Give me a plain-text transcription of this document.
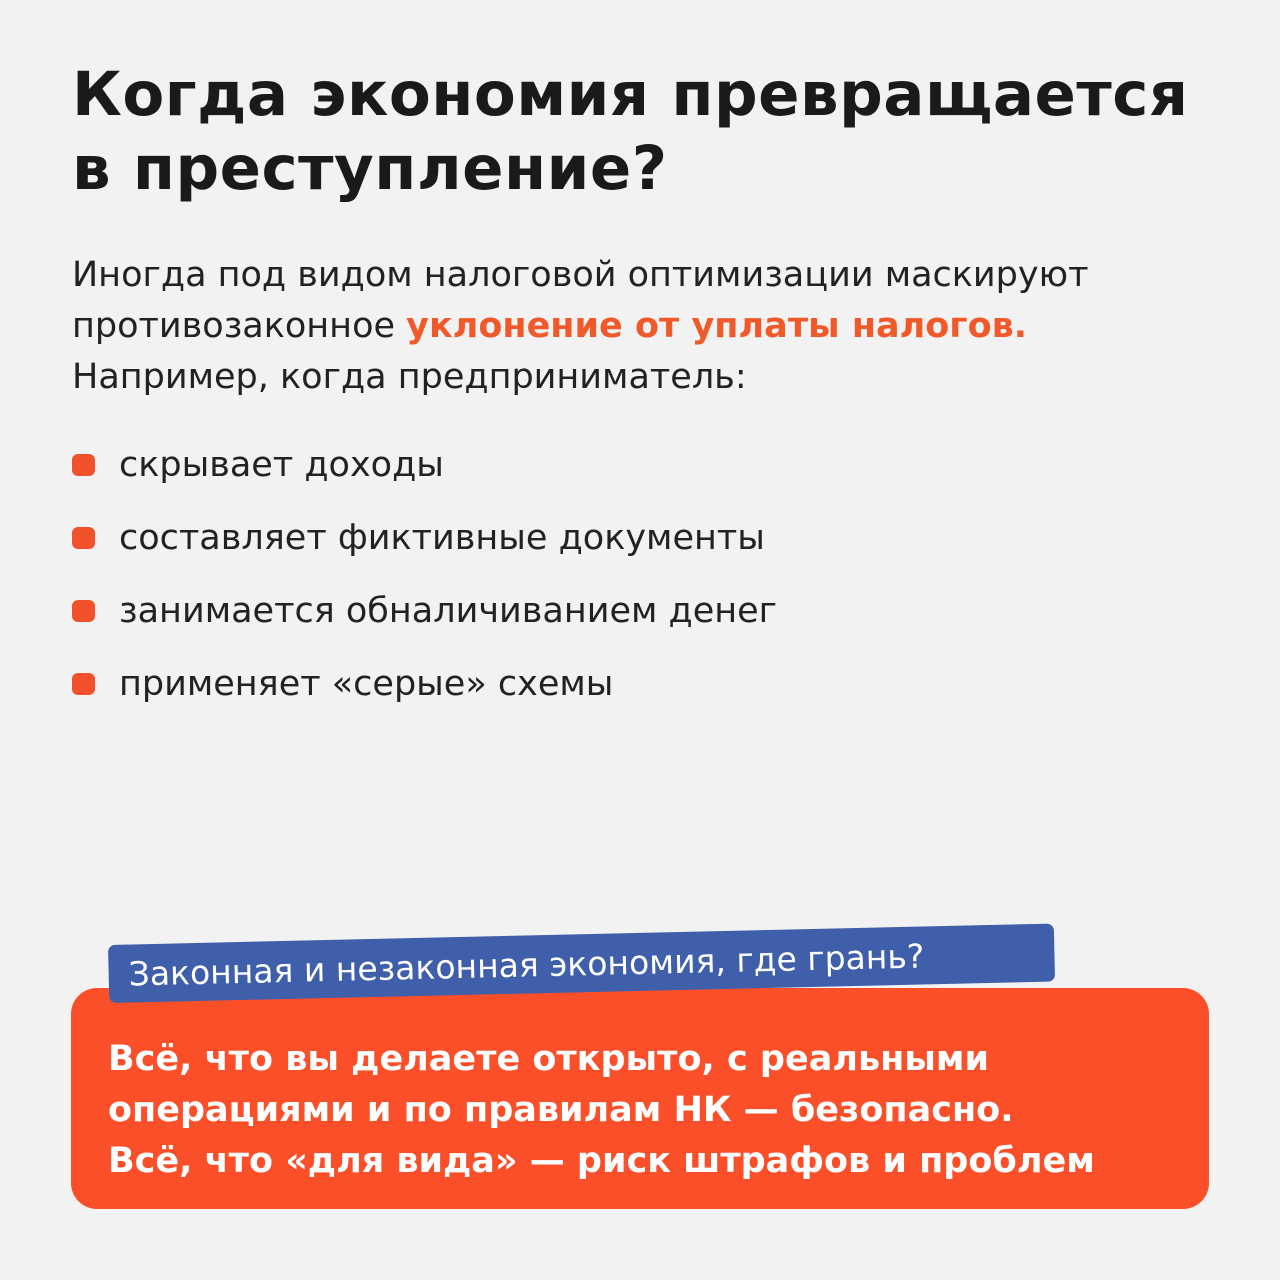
Когда экономия превращается
в преступление?

Иногда под видом налоговой оптимизации маскируют
противозаконное уклонение от уплаты налогов.
Например, когда предприниматель:

скрывает доходы
составляет фиктивные документы
занимается обналичиванием денег
применяет «серые» схемы
Законная и незаконная экономия, где грань?

Всё, что вы делаете открыто, с реальными
операциями и по правилам НК — безопасно.
Всё, что «для вида» — риск штрафов и проблем
